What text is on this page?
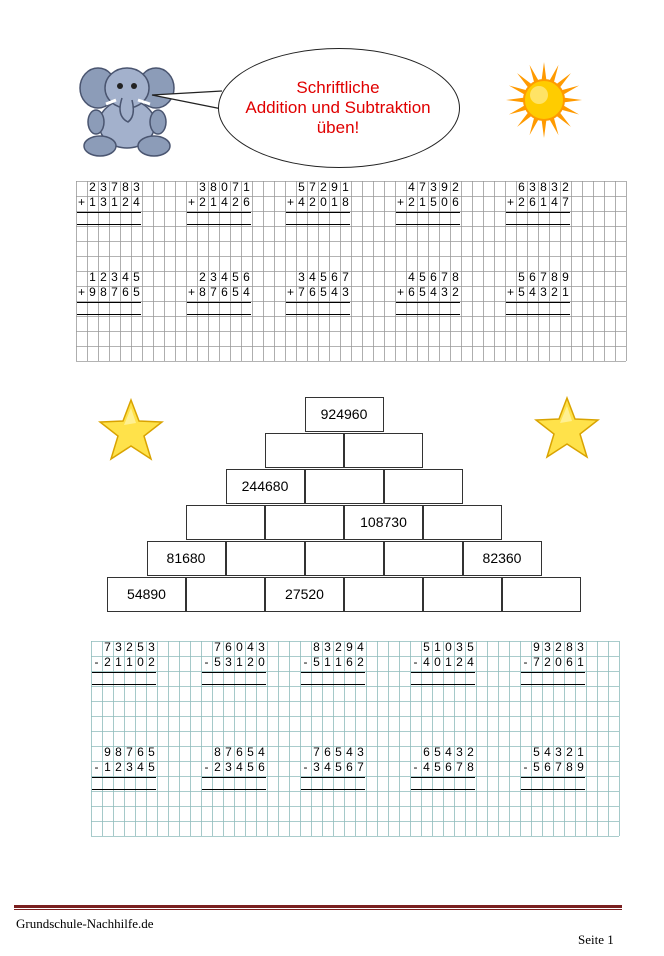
Schriftliche
Addition und Subtraktion
üben!
2 3 7 8 3
+ 1 3 1 2 4
3 8 0 7 1
+ 2 1 4 2 6
5 7 2 9 1
+ 4 2 0 1 8
4 7 3 9 2
+ 2 1 5 0 6
6 3 8 3 2
+ 2 6 1 4 7
1 2 3 4 5
+ 9 8 7 6 5
2 3 4 5 6
+ 8 7 6 5 4
3 4 5 6 7
+ 7 6 5 4 3
4 5 6 7 8
+ 6 5 4 3 2
5 6 7 8 9
+ 5 4 3 2 1
924960
244680
108730
81680	82360
54890	27520
7 3 2 5 3
- 2 1 1 0 2
7 6 0 4 3
- 5 3 1 2 0
8 3 2 9 4
- 5 1 1 6 2
5 1 0 3 5
- 4 0 1 2 4
9 3 2 8 3
- 7 2 0 6 1
9 8 7 6 5
- 1 2 3 4 5
8 7 6 5 4
- 2 3 4 5 6
7 6 5 4 3
- 3 4 5 6 7
6 5 4 3 2
- 4 5 6 7 8
5 4 3 2 1
- 5 6 7 8 9
Grundschule-Nachhilfe.de
Seite 1
